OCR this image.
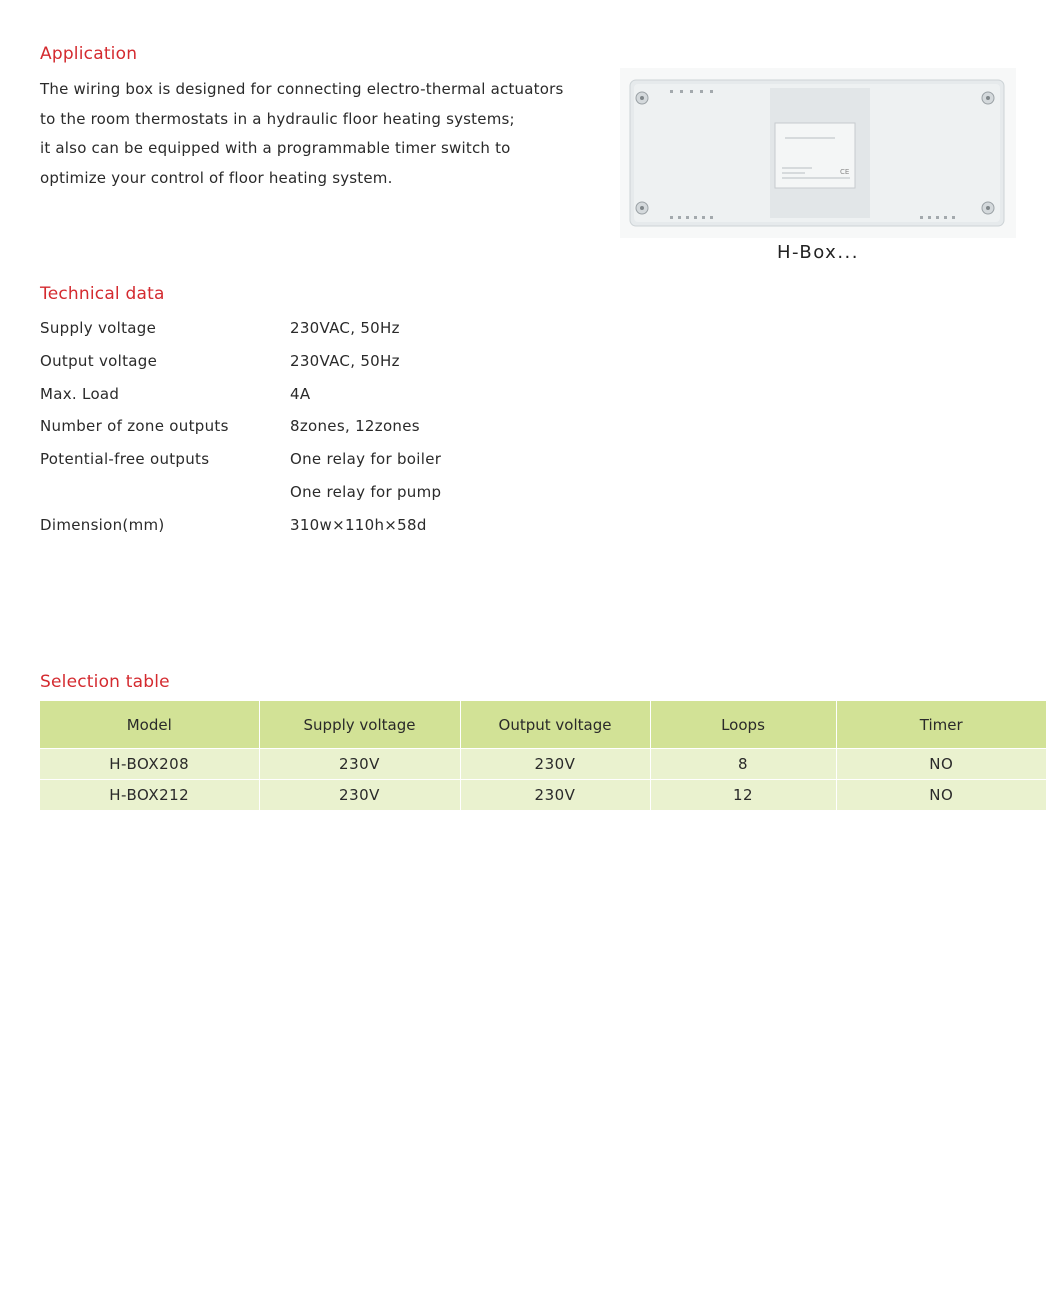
Application
The wiring box is designed for connecting electro-thermal actuators
to the room thermostats in a hydraulic floor heating systems;
it also can be equipped with a programmable timer switch to
optimize your control of floor heating system.	CE
H-Box...
Technical data
Supply voltage	230VAC, 50Hz
Output voltage	230VAC, 50Hz
Max. Load	4A
Number of zone outputs	8zones, 12zones
Potential-free outputs	One relay for boiler
One relay for pump
Dimension(mm)	310w×110h×58d
Selection table
Model	Supply voltage	Output voltage	Loops	Timer
H-BOX208	230V	230V	8	NO
H-BOX212	230V	230V	12	NO
